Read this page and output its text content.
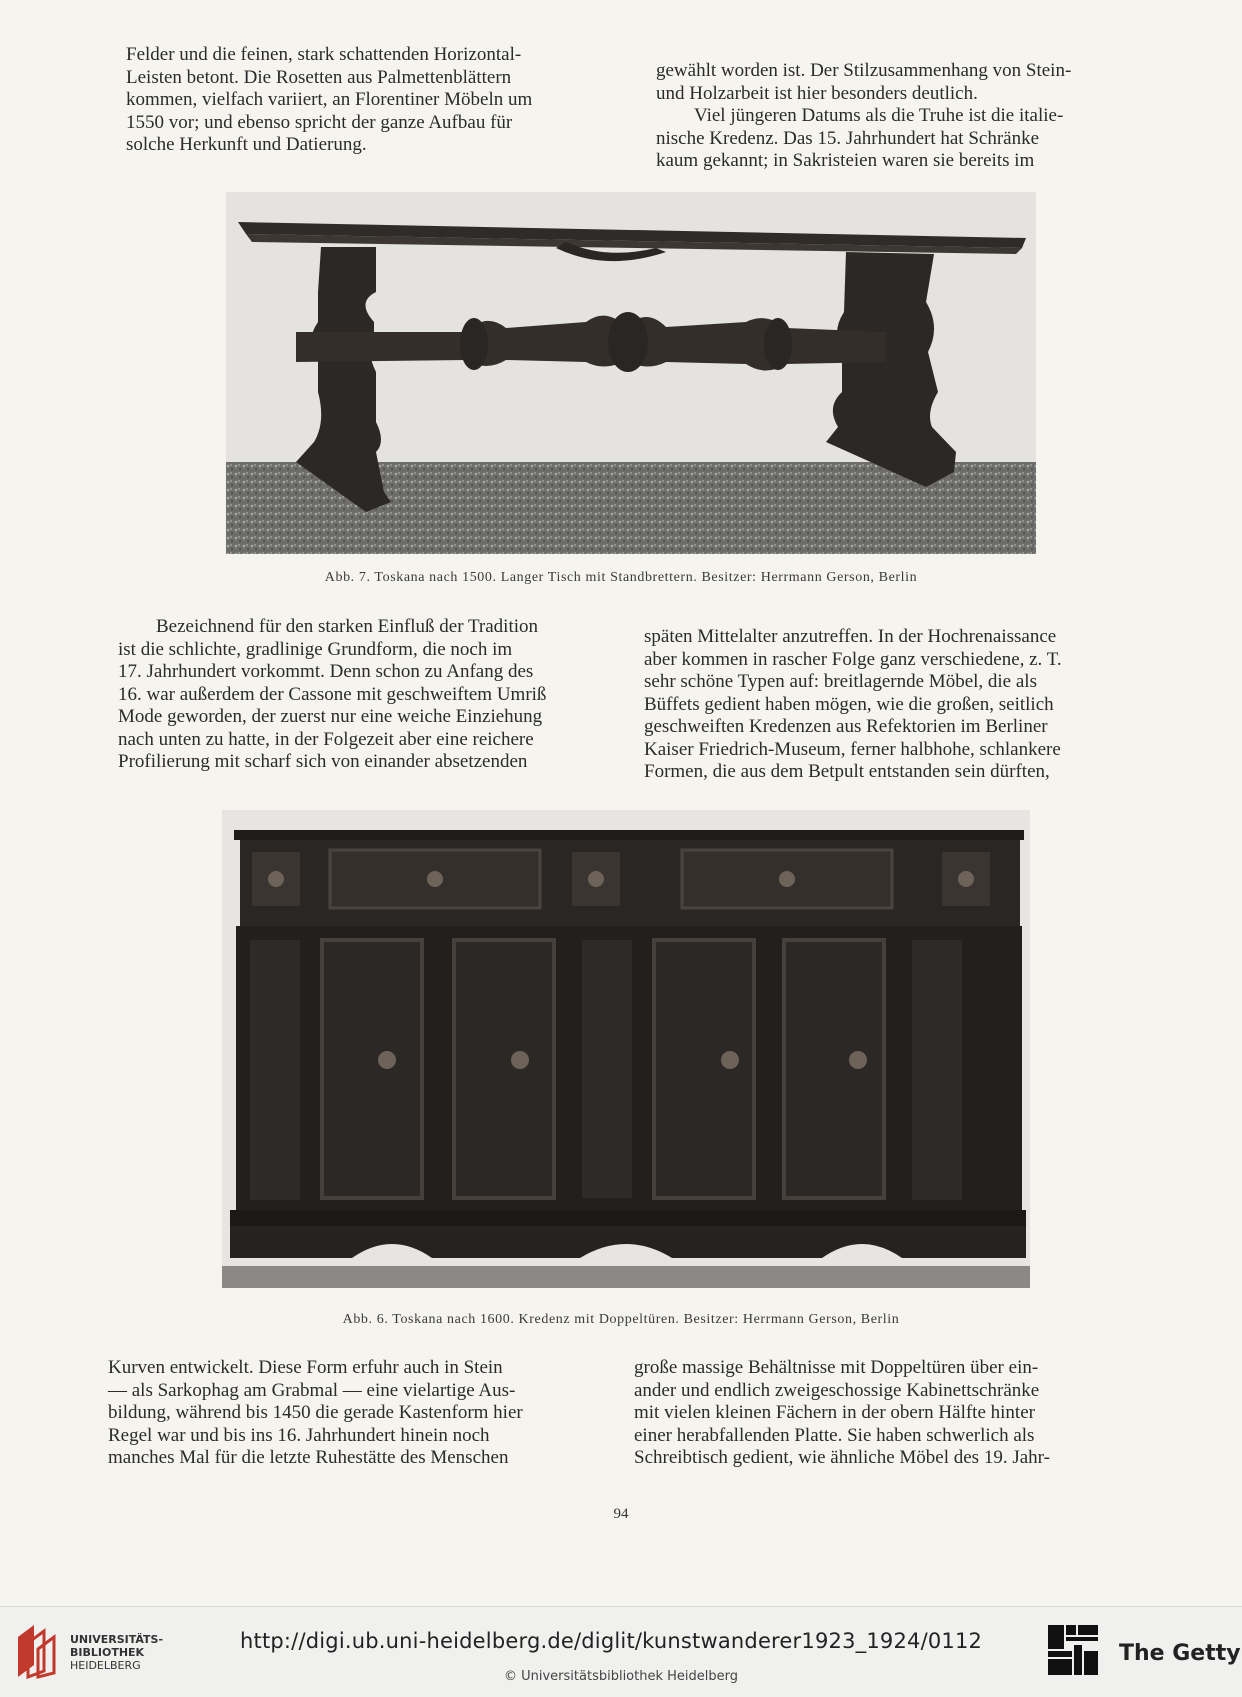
Felder und die feinen, stark schattenden Horizontal-

Leisten betont. Die Rosetten aus Palmettenblättern

kommen, vielfach variiert, an Florentiner Möbeln um

1550 vor; und ebenso spricht der ganze Aufbau für

solche Herkunft und Datierung.

gewählt worden ist. Der Stilzusammenhang von Stein-

und Holzarbeit ist hier besonders deutlich.

Viel jüngeren Datums als die Truhe ist die italie-

nische Kredenz. Das 15. Jahrhundert hat Schränke

kaum gekannt; in Sakristeien waren sie bereits im

Abb. 7. Toskana nach 1500. Langer Tisch mit Standbrettern. Besitzer: Herrmann Gerson, Berlin

Bezeichnend für den starken Einfluß der Tradition

ist die schlichte, gradlinige Grundform, die noch im

17. Jahrhundert vorkommt. Denn schon zu Anfang des

16. war außerdem der Cassone mit geschweiftem Umriß

Mode geworden, der zuerst nur eine weiche Einziehung

nach unten zu hatte, in der Folgezeit aber eine reichere

Profilierung mit scharf sich von einander absetzenden

späten Mittelalter anzutreffen. In der Hochrenaissance

aber kommen in rascher Folge ganz verschiedene, z. T.

sehr schöne Typen auf: breitlagernde Möbel, die als

Büffets gedient haben mögen, wie die großen, seitlich

geschweiften Kredenzen aus Refektorien im Berliner

Kaiser Friedrich-Museum, ferner halbhohe, schlankere

Formen, die aus dem Betpult entstanden sein dürften,

Abb. 6. Toskana nach 1600. Kredenz mit Doppeltüren. Besitzer: Herrmann Gerson, Berlin

Kurven entwickelt. Diese Form erfuhr auch in Stein

— als Sarkophag am Grabmal — eine vielartige Aus-

bildung, während bis 1450 die gerade Kastenform hier

Regel war und bis ins 16. Jahrhundert hinein noch

manches Mal für die letzte Ruhestätte des Menschen

große massige Behältnisse mit Doppeltüren über ein-

ander und endlich zweigeschossige Kabinettschränke

mit vielen kleinen Fächern in der obern Hälfte hinter

einer herabfallenden Platte. Sie haben schwerlich als

Schreibtisch gedient, wie ähnliche Möbel des 19. Jahr-

94
UNIVERSITÄTS-
BIBLIOTHEK
HEIDELBERG
http://digi.ub.uni-heidelberg.de/diglit/kunstwanderer1923_1924/0112
© Universitätsbibliothek Heidelberg
The Getty
